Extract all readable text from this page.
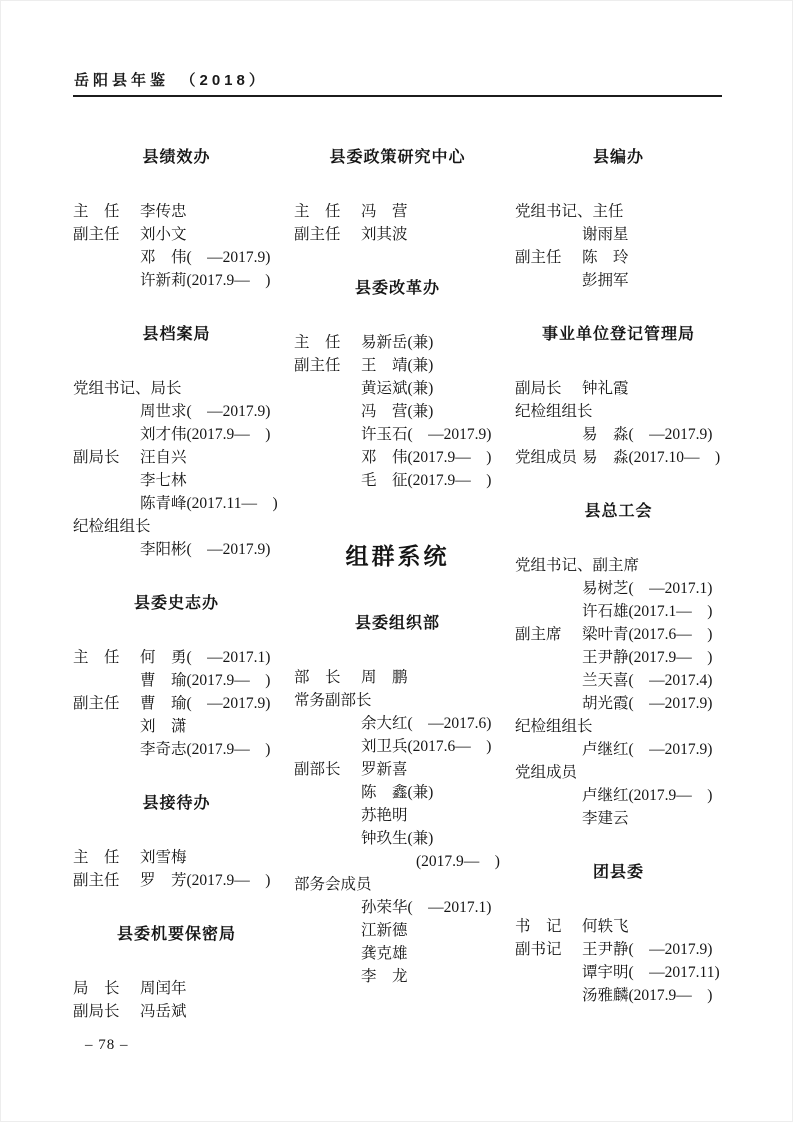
岳阳县年鉴　（2018）
县绩效办
主　任	李传忠
副主任	刘小文
邓　伟(　—2017.9)
许新莉(2017.9—　)
县档案局
党组书记、局长
周世求(　—2017.9)
刘才伟(2017.9—　)
副局长	汪自兴
李七林
陈青峰(2017.11—　)
纪检组组长
李阳彬(　—2017.9)
县委史志办
主　任	何　勇(　—2017.1)
曹　瑜(2017.9—　)
副主任	曹　瑜(　—2017.9)
刘　潇
李奇志(2017.9—　)
县接待办
主　任	刘雪梅
副主任	罗　芳(2017.9—　)
县委机要保密局
局　长	周闰年
副局长	冯岳斌
县委政策研究中心
主　任	冯　营
副主任	刘其波
县委改革办
主　任	易新岳(兼)
副主任	王　靖(兼)
黄运斌(兼)
冯　营(兼)
许玉石(　—2017.9)
邓　伟(2017.9—　)
毛　征(2017.9—　)
组群系统
县委组织部
部　长	周　鹏
常务副部长
余大红(　—2017.6)
刘卫兵(2017.6—　)
副部长	罗新喜
陈　鑫(兼)
苏艳明
钟玖生(兼)
(2017.9—　)
部务会成员
孙荣华(　—2017.1)
江新德
龚克雄
李　龙
县编办
党组书记、主任
谢雨星
副主任	陈　玲
彭拥军
事业单位登记管理局
副局长	钟礼霞
纪检组组长
易　淼(　—2017.9)
党组成员 易　淼(2017.10—　)
县总工会
党组书记、副主席
易树芝(　—2017.1)
许石雄(2017.1—　)
副主席	梁叶青(2017.6—　)
王尹静(2017.9—　)
兰天喜(　—2017.4)
胡光霞(　—2017.9)
纪检组组长
卢继红(　—2017.9)
党组成员
卢继红(2017.9—　)
李建云
团县委
书　记	何轶飞
副书记	王尹静(　—2017.9)
谭宇明(　—2017.11)
汤雅麟(2017.9—　)
– 78 –
